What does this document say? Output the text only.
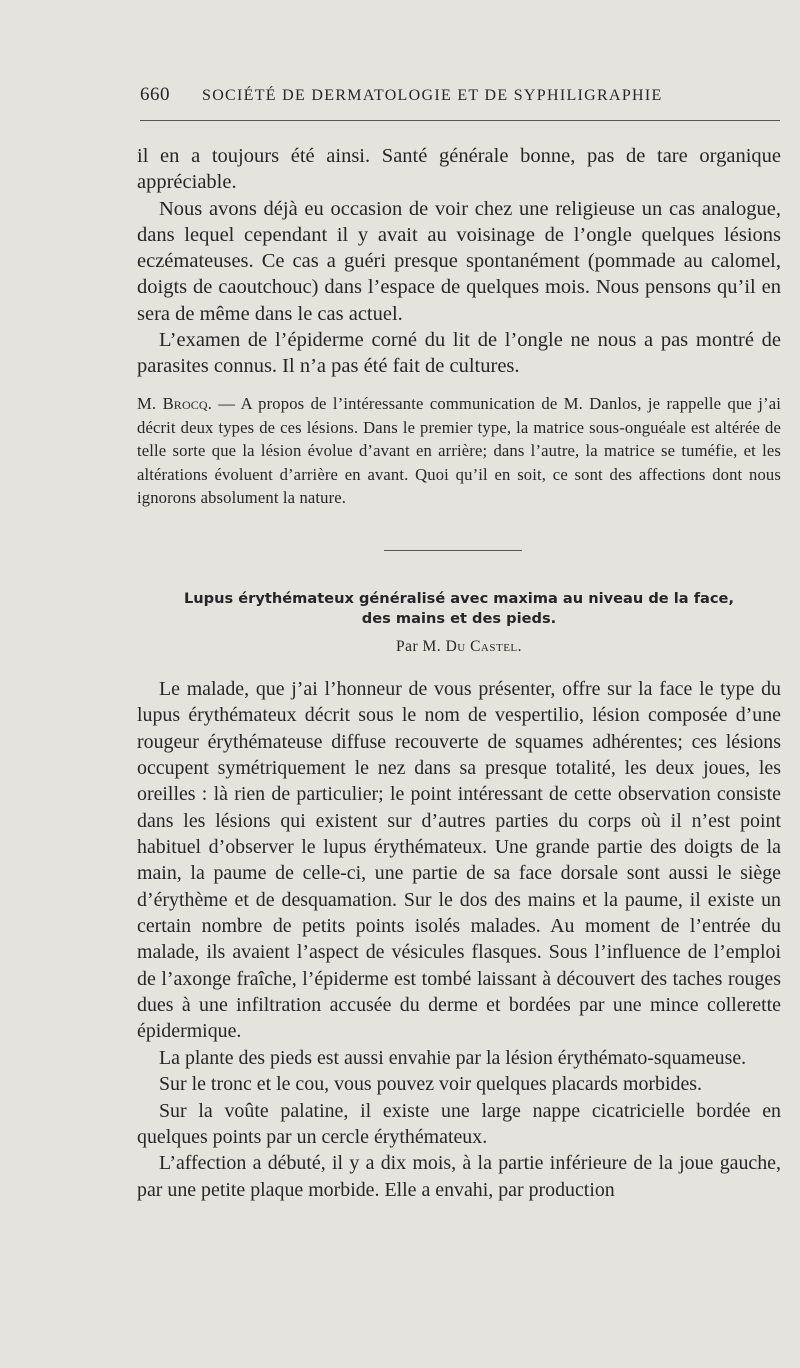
660 SOCIÉTÉ DE DERMATOLOGIE ET DE SYPHILIGRAPHIE

il en a toujours été ainsi. Santé générale bonne, pas de tare organique appréciable.

Nous avons déjà eu occasion de voir chez une religieuse un cas analogue, dans lequel cependant il y avait au voisinage de l’ongle quelques lésions eczémateuses. Ce cas a guéri presque spontanément (pommade au calomel, doigts de caoutchouc) dans l’espace de quelques mois. Nous pensons qu’il en sera de même dans le cas actuel.

L’examen de l’épiderme corné du lit de l’ongle ne nous a pas montré de parasites connus. Il n’a pas été fait de cultures.

M. Brocq. — A propos de l’intéressante communication de M. Danlos, je rappelle que j’ai décrit deux types de ces lésions. Dans le premier type, la matrice sous-onguéale est altérée de telle sorte que la lésion évolue d’avant en arrière; dans l’autre, la matrice se tuméfie, et les altérations évoluent d’arrière en avant. Quoi qu’il en soit, ce sont des affections dont nous ignorons absolument la nature.

Lupus érythémateux généralisé avec maxima au niveau de la face,
des mains et des pieds.
Par M. Du Castel.

Le malade, que j’ai l’honneur de vous présenter, offre sur la face le type du lupus érythémateux décrit sous le nom de vespertilio, lésion composée d’une rougeur érythémateuse diffuse recouverte de squames adhérentes; ces lésions occupent symétriquement le nez dans sa presque totalité, les deux joues, les oreilles : là rien de particulier; le point intéressant de cette observation consiste dans les lésions qui existent sur d’autres parties du corps où il n’est point habituel d’observer le lupus érythémateux. Une grande partie des doigts de la main, la paume de celle-ci, une partie de sa face dorsale sont aussi le siège d’érythème et de desquamation. Sur le dos des mains et la paume, il existe un certain nombre de petits points isolés malades. Au moment de l’entrée du malade, ils avaient l’aspect de vésicules flasques. Sous l’influence de l’emploi de l’axonge fraîche, l’épiderme est tombé laissant à découvert des taches rouges dues à une infiltration accusée du derme et bordées par une mince collerette épidermique.

La plante des pieds est aussi envahie par la lésion érythémato-squameuse.

Sur le tronc et le cou, vous pouvez voir quelques placards morbides.

Sur la voûte palatine, il existe une large nappe cicatricielle bordée en quelques points par un cercle érythémateux.

L’affection a débuté, il y a dix mois, à la partie inférieure de la joue gauche, par une petite plaque morbide. Elle a envahi, par production
